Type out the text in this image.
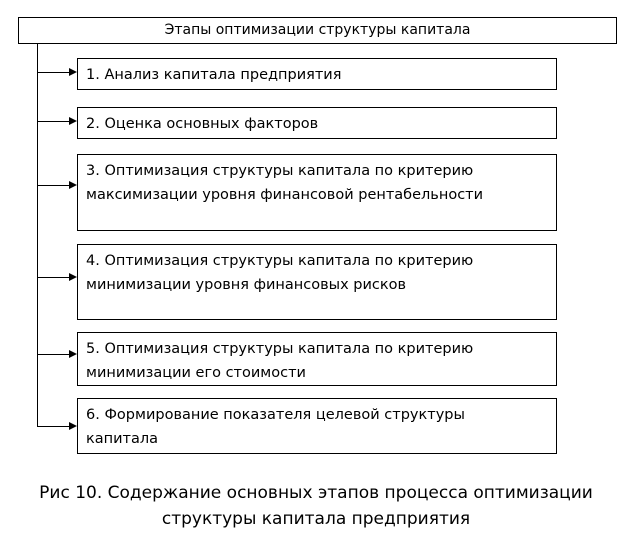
Этапы оптимизации структуры капитала
1. Анализ капитала предприятия
2. Оценка основных факторов
3. Оптимизация структуры капитала по критерию
максимизации уровня финансовой рентабельности
4. Оптимизация структуры капитала по критерию
минимизации уровня финансовых рисков
5. Оптимизация структуры капитала по критерию
минимизации его стоимости
6. Формирование показателя целевой структуры
капитала
Рис 10. Содержание основных этапов процесса оптимизации
структуры капитала предприятия
